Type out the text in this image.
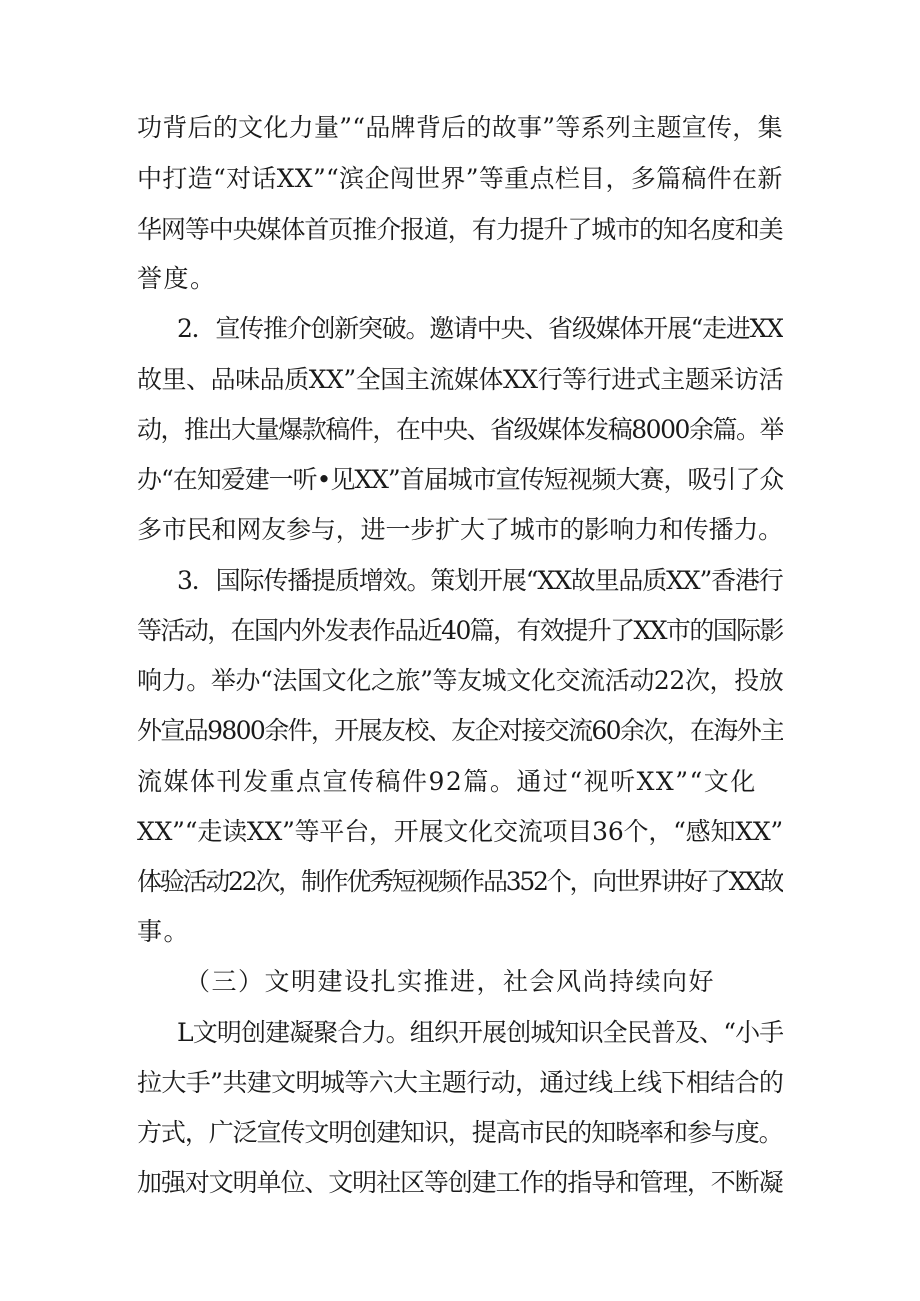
功背后的文化力量”“品牌背后的故事”等系列主题宣传，集

中打造“对话XX”“滨企闯世界”等重点栏目，多篇稿件在新

华网等中央媒体首页推介报道，有力提升了城市的知名度和美

誉度。

2．宣传推介创新突破。邀请中央、省级媒体开展“走进XX

故里、品味品质XX”全国主流媒体XX行等行进式主题采访活

动，推出大量爆款稿件，在中央、省级媒体发稿8000余篇。举

办“在知爱建一听•见XX”首届城市宣传短视频大赛，吸引了众

多市民和网友参与，进一步扩大了城市的影响力和传播力。

3．国际传播提质增效。策划开展“XX故里品质XX”香港行

等活动，在国内外发表作品近40篇，有效提升了XX市的国际影

响力。举办“法国文化之旅”等友城文化交流活动22次，投放

外宣品9800余件，开展友校、友企对接交流60余次，在海外主

流媒体刊发重点宣传稿件92篇。通过“视听XX”“文化

XX”“走读XX”等平台，开展文化交流项目36个，“感知XX”

体验活动22次，制作优秀短视频作品352个，向世界讲好了XX故

事。

（三）文明建设扎实推进，社会风尚持续向好

L文明创建凝聚合力。组织开展创城知识全民普及、“小手

拉大手”共建文明城等六大主题行动，通过线上线下相结合的

方式，广泛宣传文明创建知识，提高市民的知晓率和参与度。

加强对文明单位、文明社区等创建工作的指导和管理，不断凝
